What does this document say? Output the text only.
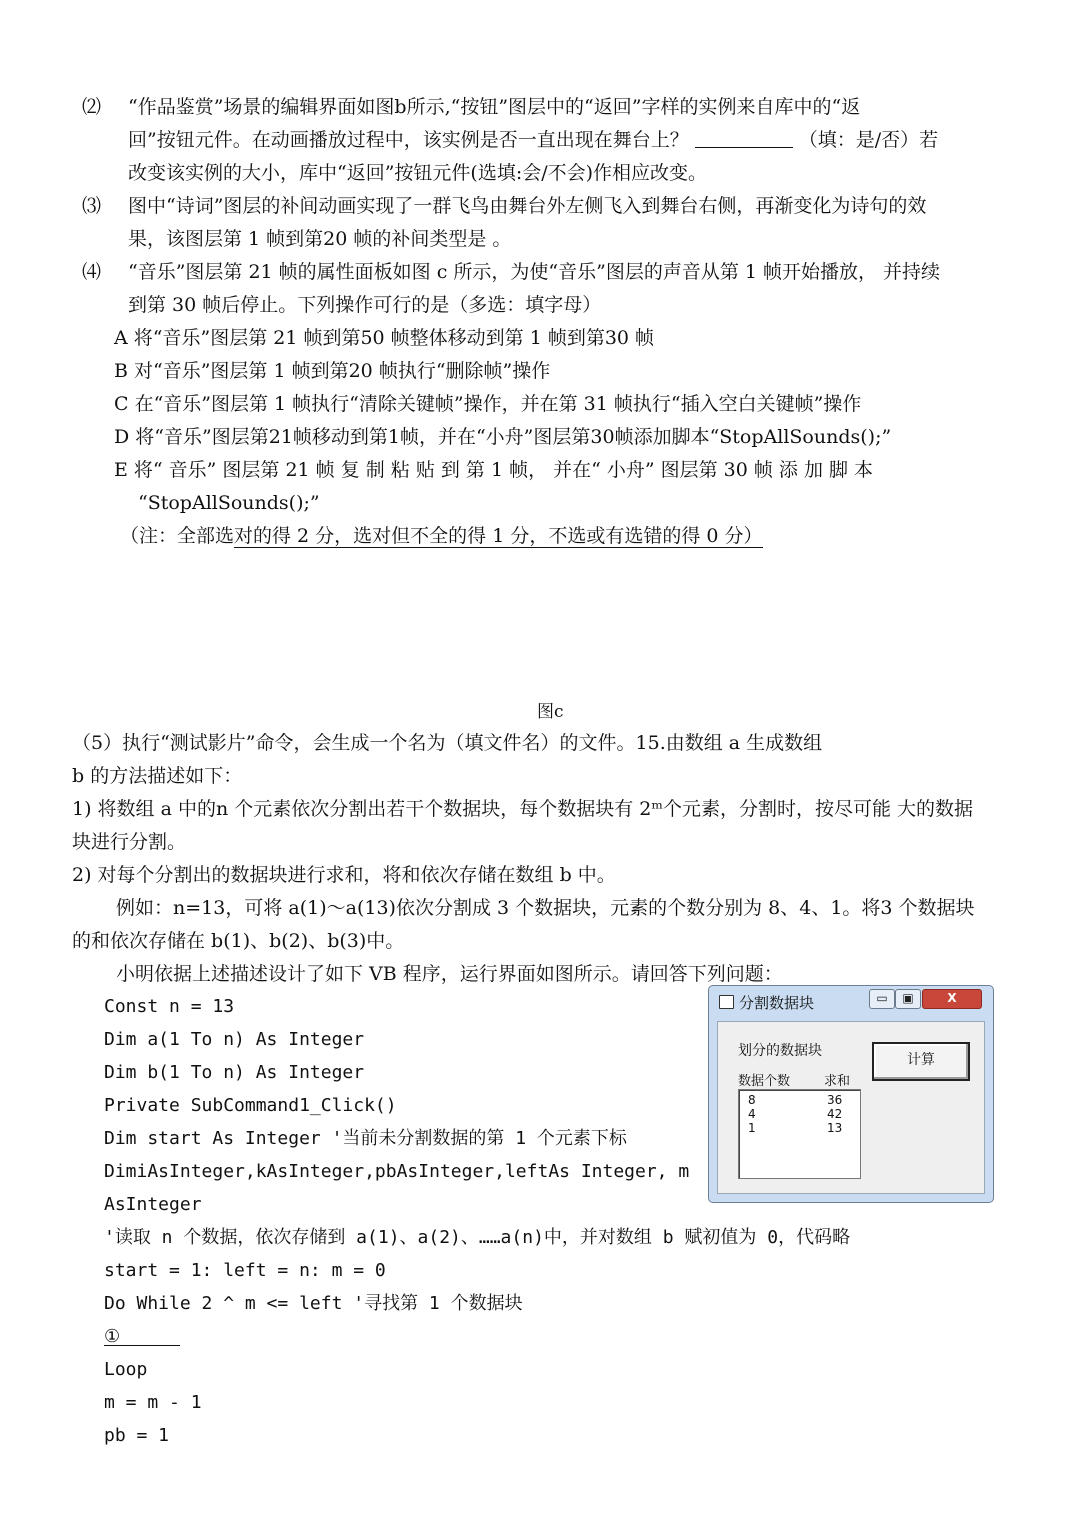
⑵ “作品鉴赏”场景的编辑界面如图b所示,“按钮”图层中的“返回”字样的实例来自库中的“返
回”按钮元件。在动画播放过程中，该实例是否一直出现在舞台上？	（填：是/否）若
改变该实例的大小，库中“返回”按钮元件(选填:会/不会)作相应改变。
⑶ 图中“诗词”图层的补间动画实现了一群飞鸟由舞台外左侧飞入到舞台右侧，再渐变化为诗句的效
果，该图层第 1 帧到第20 帧的补间类型是 。
⑷ “音乐”图层第 21 帧的属性面板如图 c 所示，为使“音乐”图层的声音从第 1 帧开始播放， 并持续
到第 30 帧后停止。下列操作可行的是（多选：填字母）
A 将“音乐”图层第 21 帧到第50 帧整体移动到第 1 帧到第30 帧
B 对“音乐”图层第 1 帧到第20 帧执行“删除帧”操作
C 在“音乐”图层第 1 帧执行“清除关键帧”操作，并在第 31 帧执行“插入空白关键帧”操作
D 将“音乐”图层第21帧移动到第1帧，并在“小舟”图层第30帧添加脚本“StopAllSounds();”
E 将“ 音乐” 图层第 21 帧 复 制 粘 贴 到 第 1 帧， 并在“ 小舟” 图层第 30 帧 添 加 脚 本
“StopAllSounds();”
（注：全部选对的得 2 分，选对但不全的得 1 分，不选或有选错的得 0 分）
图c
（5）执行“测试影片”命令，会生成一个名为（填文件名）的文件。15.由数组 a 生成数组
b 的方法描述如下：
1) 将数组 a 中的n 个元素依次分割出若干个数据块，每个数据块有 2ᵐ个元素，分割时，按尽可能 大的数据
块进行分割。
2) 对每个分割出的数据块进行求和，将和依次存储在数组 b 中。
例如：n=13，可将 a(1)～a(13)依次分割成 3 个数据块，元素的个数分别为 8、4、1。将3 个数据块
的和依次存储在 b(1)、b(2)、b(3)中。
小明依据上述描述设计了如下 VB 程序，运行界面如图所示。请回答下列问题：
Const n = 13
Dim a(1 To n) As Integer
Dim b(1 To n) As Integer
Private SubCommand1_Click()
Dim start As Integer '当前未分割数据的第 1 个元素下标
DimiAsInteger,kAsInteger,pbAsInteger,leftAs Integer, m
AsInteger
'读取 n 个数据，依次存储到 a(1)、a(2)、……a(n)中，并对数组 b 赋初值为 0，代码略
start = 1: left = n: m = 0
Do While 2 ^ m <= left '寻找第 1 个数据块
①
Loop
m = m - 1
pb = 1
分割数据块	▭	▣	X
划分的数据块
计算
数据个数	求和
8	36
4	42
1	13
